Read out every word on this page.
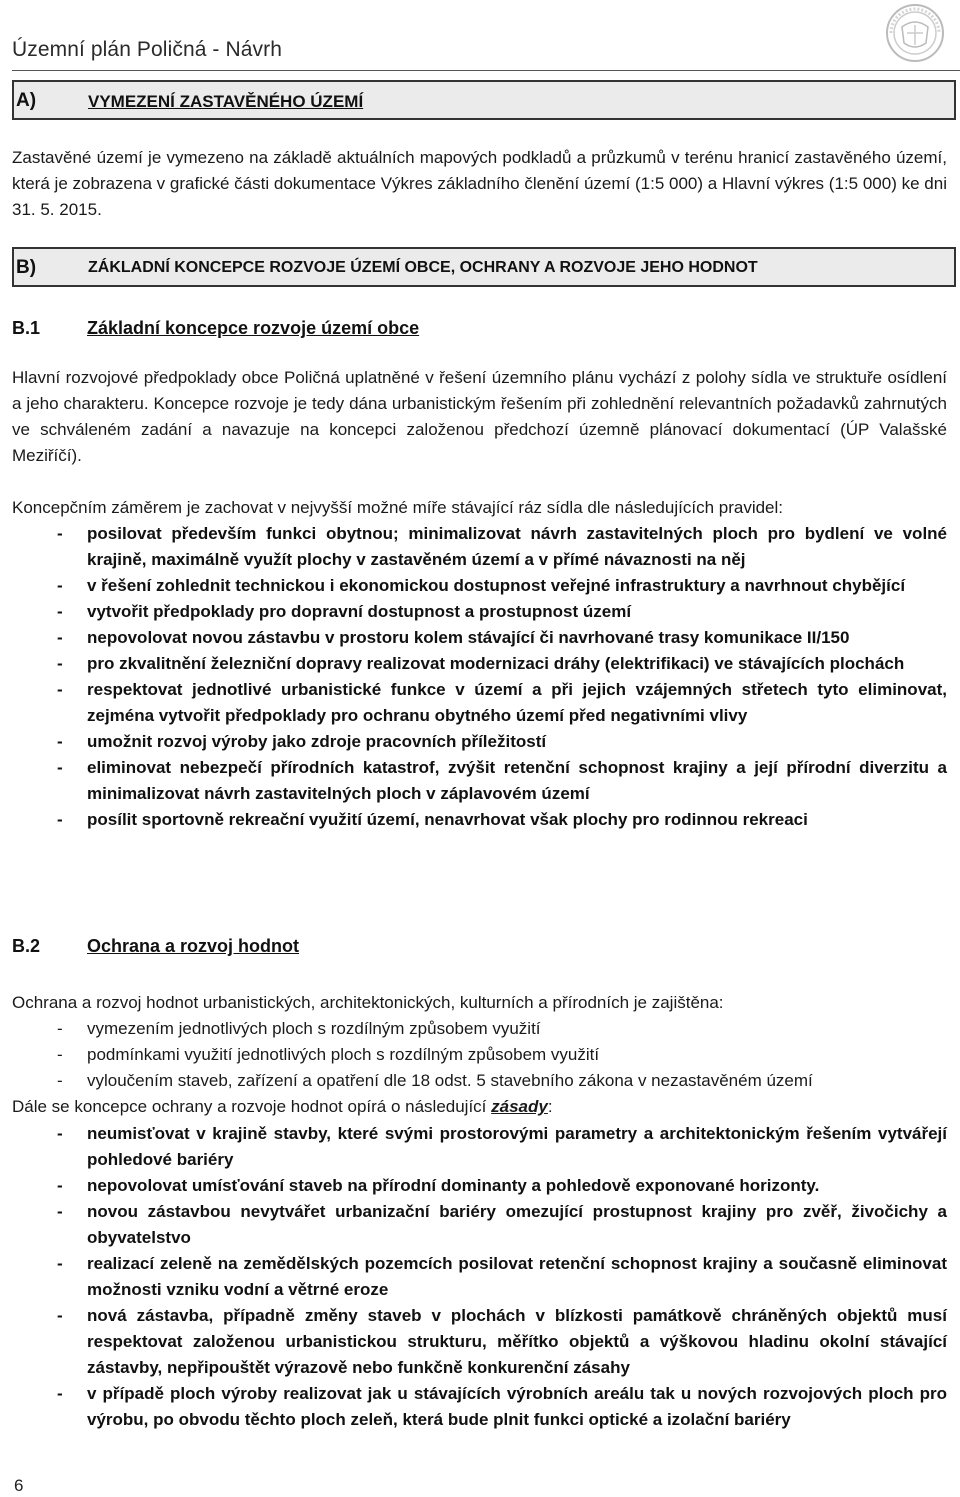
Územní plán Poličná - Návrh
A)	VYMEZENÍ ZASTAVĚNÉHO ÚZEMÍ
Zastavěné území je vymezeno na základě aktuálních mapových podkladů a průzkumů v terénu hranicí zastavěného území, která je zobrazena v grafické části dokumentace Výkres základního členění území (1:5 000) a Hlavní výkres (1:5 000) ke dni 31. 5. 2015.
B)	ZÁKLADNÍ KONCEPCE ROZVOJE ÚZEMÍ OBCE, OCHRANY A ROZVOJE JEHO HODNOT
B.1	Základní koncepce rozvoje území obce
Hlavní rozvojové předpoklady obce Poličná uplatněné v řešení územního plánu vychází z polohy sídla ve struktuře osídlení a jeho charakteru. Koncepce rozvoje je tedy dána urbanistickým řešením při zohlednění relevantních požadavků zahrnutých ve schváleném zadání a navazuje na koncepci založenou předchozí územně plánovací dokumentací (ÚP Valašské Meziříčí).
Koncepčním záměrem je zachovat v nejvyšší možné míře stávající ráz sídla dle následujících pravidel:
- posilovat především funkci obytnou; minimalizovat návrh zastavitelných ploch pro bydlení ve volné krajině, maximálně využít plochy v zastavěném území a v přímé návaznosti na něj
- v řešení zohlednit technickou i ekonomickou dostupnost veřejné infrastruktury a navrhnout chybějící
- vytvořit předpoklady pro dopravní dostupnost a prostupnost území
- nepovolovat novou zástavbu v prostoru kolem stávající či navrhované trasy komunikace II/150
- pro zkvalitnění železniční dopravy realizovat modernizaci dráhy (elektrifikaci) ve stávajících plochách
- respektovat jednotlivé urbanistické funkce v území a při jejich vzájemných střetech tyto eliminovat, zejména vytvořit předpoklady pro ochranu obytného území před negativními vlivy
- umožnit rozvoj výroby jako zdroje pracovních příležitostí
- eliminovat nebezpečí přírodních katastrof, zvýšit retenční schopnost krajiny a její přírodní diverzitu a minimalizovat návrh zastavitelných ploch v záplavovém území
- posílit sportovně rekreační využití území, nenavrhovat však plochy pro rodinnou rekreaci
B.2	Ochrana a rozvoj hodnot
Ochrana a rozvoj hodnot urbanistických, architektonických, kulturních a přírodních je zajištěna:
- vymezením jednotlivých ploch s rozdílným způsobem využití
- podmínkami využití jednotlivých ploch s rozdílným způsobem využití
- vyloučením staveb, zařízení a opatření dle 18 odst. 5 stavebního zákona v nezastavěném území
Dále se koncepce ochrany a rozvoje hodnot opírá o následující zásady:
- neumisťovat v krajině stavby, které svými prostorovými parametry a architektonickým řešením vytvářejí pohledové bariéry
- nepovolovat umísťování staveb na přírodní dominanty a pohledově exponované horizonty.
- novou zástavbou nevytvářet urbanizační bariéry omezující prostupnost krajiny pro zvěř, živočichy a obyvatelstvo
- realizací zeleně na zemědělských pozemcích posilovat retenční schopnost krajiny a současně eliminovat možnosti vzniku vodní a větrné eroze
- nová zástavba, případně změny staveb v plochách v blízkosti památkově chráněných objektů musí respektovat založenou urbanistickou strukturu, měřítko objektů a výškovou hladinu okolní stávající zástavby, nepřipouštět výrazově nebo funkčně konkurenční zásahy
- v případě ploch výroby realizovat jak u stávajících výrobních areálu tak u nových rozvojových ploch pro výrobu, po obvodu těchto ploch zeleň, která bude plnit funkci optické a izolační bariéry
6
